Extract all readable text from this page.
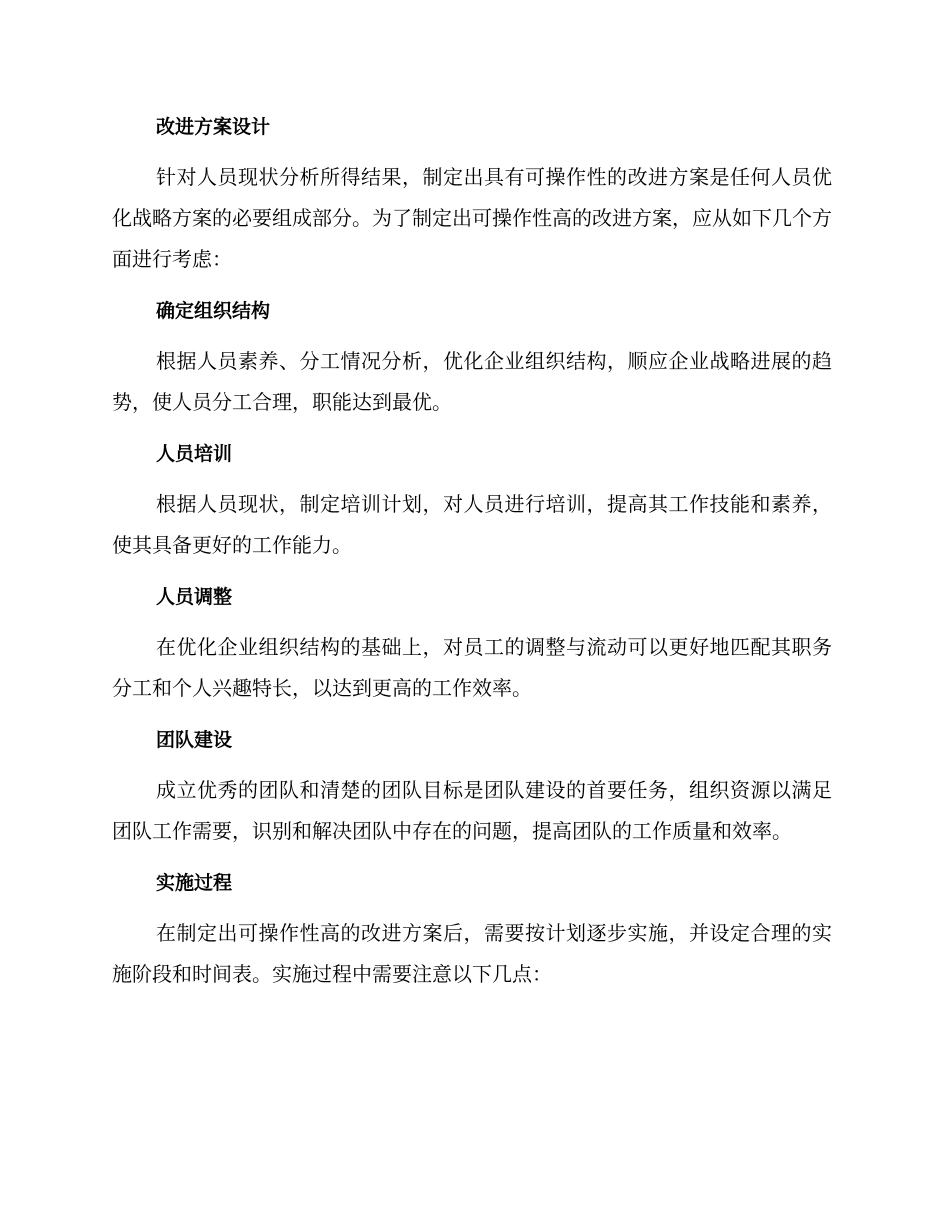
改进方案设计
针对人员现状分析所得结果，制定出具有可操作性的改进方案是任何人员优化战略方案的必要组成部分。为了制定出可操作性高的改进方案，应从如下几个方面进行考虑：
确定组织结构
根据人员素养、分工情况分析，优化企业组织结构，顺应企业战略进展的趋势，使人员分工合理，职能达到最优。
人员培训
根据人员现状，制定培训计划，对人员进行培训，提高其工作技能和素养，使其具备更好的工作能力。
人员调整
在优化企业组织结构的基础上，对员工的调整与流动可以更好地匹配其职务分工和个人兴趣特长，以达到更高的工作效率。
团队建设
成立优秀的团队和清楚的团队目标是团队建设的首要任务，组织资源以满足团队工作需要，识别和解决团队中存在的问题，提高团队的工作质量和效率。
实施过程
在制定出可操作性高的改进方案后，需要按计划逐步实施，并设定合理的实施阶段和时间表。实施过程中需要注意以下几点：
